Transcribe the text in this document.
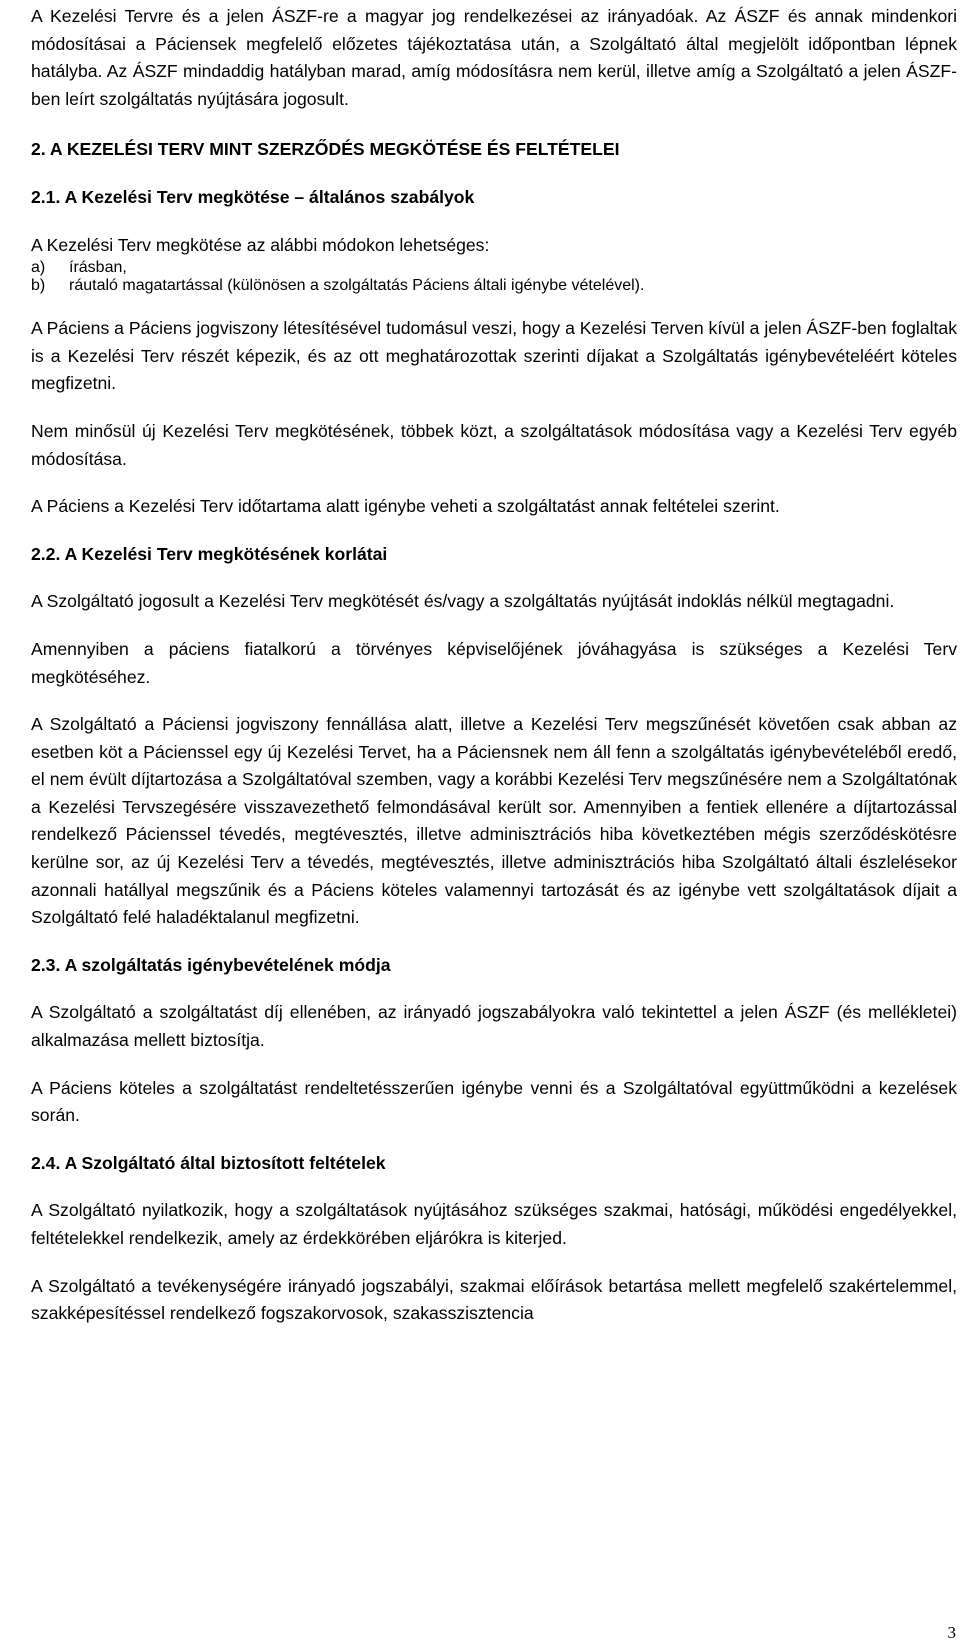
A Kezelési Tervre és a jelen ÁSZF-re a magyar jog rendelkezései az irányadóak. Az ÁSZF és annak mindenkori módosításai a Páciensek megfelelő előzetes tájékoztatása után, a Szolgáltató által megjelölt időpontban lépnek hatályba. Az ÁSZF mindaddig hatályban marad, amíg módosításra nem kerül, illetve amíg a Szolgáltató a jelen ÁSZF-ben leírt szolgáltatás nyújtására jogosult.

2. A KEZELÉSI TERV MINT SZERZŐDÉS MEGKÖTÉSE ÉS FELTÉTELEI
2.1. A Kezelési Terv megkötése – általános szabályok

A Kezelési Terv megkötése az alábbi módokon lehetséges:

a)	írásban,
b)	ráutaló magatartással (különösen a szolgáltatás Páciens általi igénybe vételével).

A Páciens a Páciens jogviszony létesítésével tudomásul veszi, hogy a Kezelési Terven kívül a jelen ÁSZF-ben foglaltak is a Kezelési Terv részét képezik, és az ott meghatározottak szerinti díjakat a Szolgáltatás igénybevételéért köteles megfizetni.

Nem minősül új Kezelési Terv megkötésének, többek közt, a szolgáltatások módosítása vagy a Kezelési Terv egyéb módosítása.

A Páciens a Kezelési Terv időtartama alatt igénybe veheti a szolgáltatást annak feltételei szerint.

2.2. A Kezelési Terv megkötésének korlátai

A Szolgáltató jogosult a Kezelési Terv megkötését és/vagy a szolgáltatás nyújtását indoklás nélkül megtagadni.

Amennyiben a páciens fiatalkorú a törvényes képviselőjének jóváhagyása is szükséges a Kezelési Terv megkötéséhez.

A Szolgáltató a Páciensi jogviszony fennállása alatt, illetve a Kezelési Terv megszűnését követően csak abban az esetben köt a Pácienssel egy új Kezelési Tervet, ha a Páciensnek nem áll fenn a szolgáltatás igénybevételéből eredő, el nem évült díjtartozása a Szolgáltatóval szemben, vagy a korábbi Kezelési Terv megszűnésére nem a Szolgáltatónak a Kezelési Tervszegésére visszavezethető felmondásával került sor. Amennyiben a fentiek ellenére a díjtartozással rendelkező Pácienssel tévedés, megtévesztés, illetve adminisztrációs hiba következtében mégis szerződéskötésre kerülne sor, az új Kezelési Terv a tévedés, megtévesztés, illetve adminisztrációs hiba Szolgáltató általi észlelésekor azonnali hatállyal megszűnik és a Páciens köteles valamennyi tartozását és az igénybe vett szolgáltatások díjait a Szolgáltató felé haladéktalanul megfizetni.

2.3. A szolgáltatás igénybevételének módja

A Szolgáltató a szolgáltatást díj ellenében, az irányadó jogszabályokra való tekintettel a jelen ÁSZF (és mellékletei) alkalmazása mellett biztosítja.

A Páciens köteles a szolgáltatást rendeltetésszerűen igénybe venni és a Szolgáltatóval együttműködni a kezelések során.

2.4. A Szolgáltató által biztosított feltételek

A Szolgáltató nyilatkozik, hogy a szolgáltatások nyújtásához szükséges szakmai, hatósági, működési engedélyekkel, feltételekkel rendelkezik, amely az érdekkörében eljárókra is kiterjed.

A Szolgáltató a tevékenységére irányadó jogszabályi, szakmai előírások betartása mellett megfelelő szakértelemmel, szakképesítéssel rendelkező fogszakorvosok, szakasszisztencia

3
